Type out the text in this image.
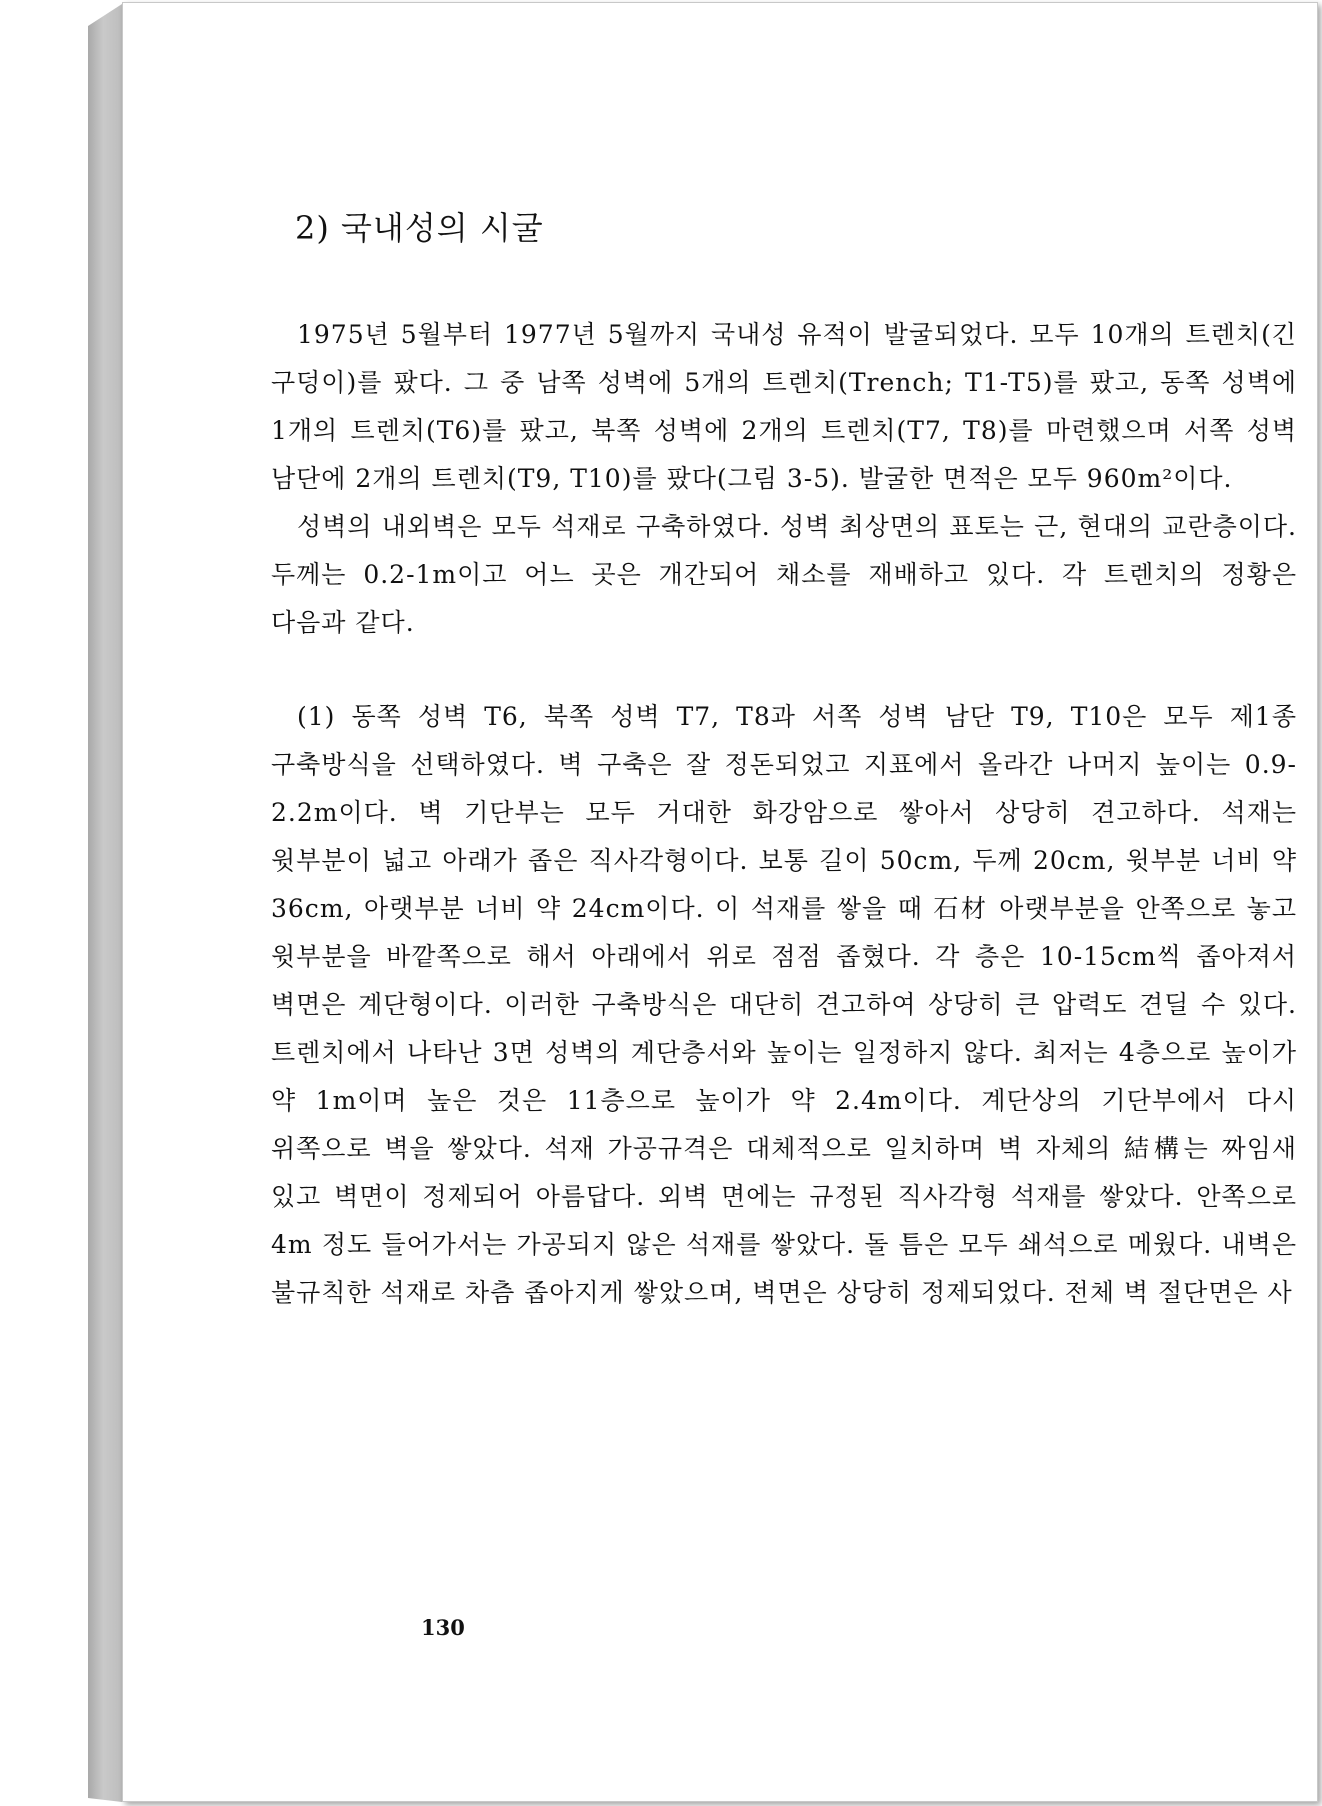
2) 국내성의 시굴

1975년 5월부터 1977년 5월까지 국내성 유적이 발굴되었다. 모두 10개의 트렌치(긴 구덩이)를 팠다. 그 중 남쪽 성벽에 5개의 트렌치(Trench; T1-T5)를 팠고, 동쪽 성벽에 1개의 트렌치(T6)를 팠고, 북쪽 성벽에 2개의 트렌치(T7, T8)를 마련했으며 서쪽 성벽 남단에 2개의 트렌치(T9, T10)를 팠다(그림 3-5). 발굴한 면적은 모두 960m²이다.

성벽의 내외벽은 모두 석재로 구축하였다. 성벽 최상면의 표토는 근, 현대의 교란층이다. 두께는 0.2-1m이고 어느 곳은 개간되어 채소를 재배하고 있다. 각 트렌치의 정황은 다음과 같다.

(1) 동쪽 성벽 T6, 북쪽 성벽 T7, T8과 서쪽 성벽 남단 T9, T10은 모두 제1종 구축방식을 선택하였다. 벽 구축은 잘 정돈되었고 지표에서 올라간 나머지 높이는 0.9-2.2m이다. 벽 기단부는 모두 거대한 화강암으로 쌓아서 상당히 견고하다. 석재는 윗부분이 넓고 아래가 좁은 직사각형이다. 보통 길이 50cm, 두께 20cm, 윗부분 너비 약 36cm, 아랫부분 너비 약 24cm이다. 이 석재를 쌓을 때 石材 아랫부분을 안쪽으로 놓고 윗부분을 바깥쪽으로 해서 아래에서 위로 점점 좁혔다. 각 층은 10-15cm씩 좁아져서 벽면은 계단형이다. 이러한 구축방식은 대단히 견고하여 상당히 큰 압력도 견딜 수 있다. 트렌치에서 나타난 3면 성벽의 계단층서와 높이는 일정하지 않다. 최저는 4층으로 높이가 약 1m이며 높은 것은 11층으로 높이가 약 2.4m이다. 계단상의 기단부에서 다시 위쪽으로 벽을 쌓았다. 석재 가공규격은 대체적으로 일치하며 벽 자체의 結構는 짜임새 있고 벽면이 정제되어 아름답다. 외벽 면에는 규정된 직사각형 석재를 쌓았다. 안쪽으로 4m 정도 들어가서는 가공되지 않은 석재를 쌓았다. 돌 틈은 모두 쇄석으로 메웠다. 내벽은 불규칙한 석재로 차츰 좁아지게 쌓았으며, 벽면은 상당히 정제되었다. 전체 벽 절단면은 사

130
